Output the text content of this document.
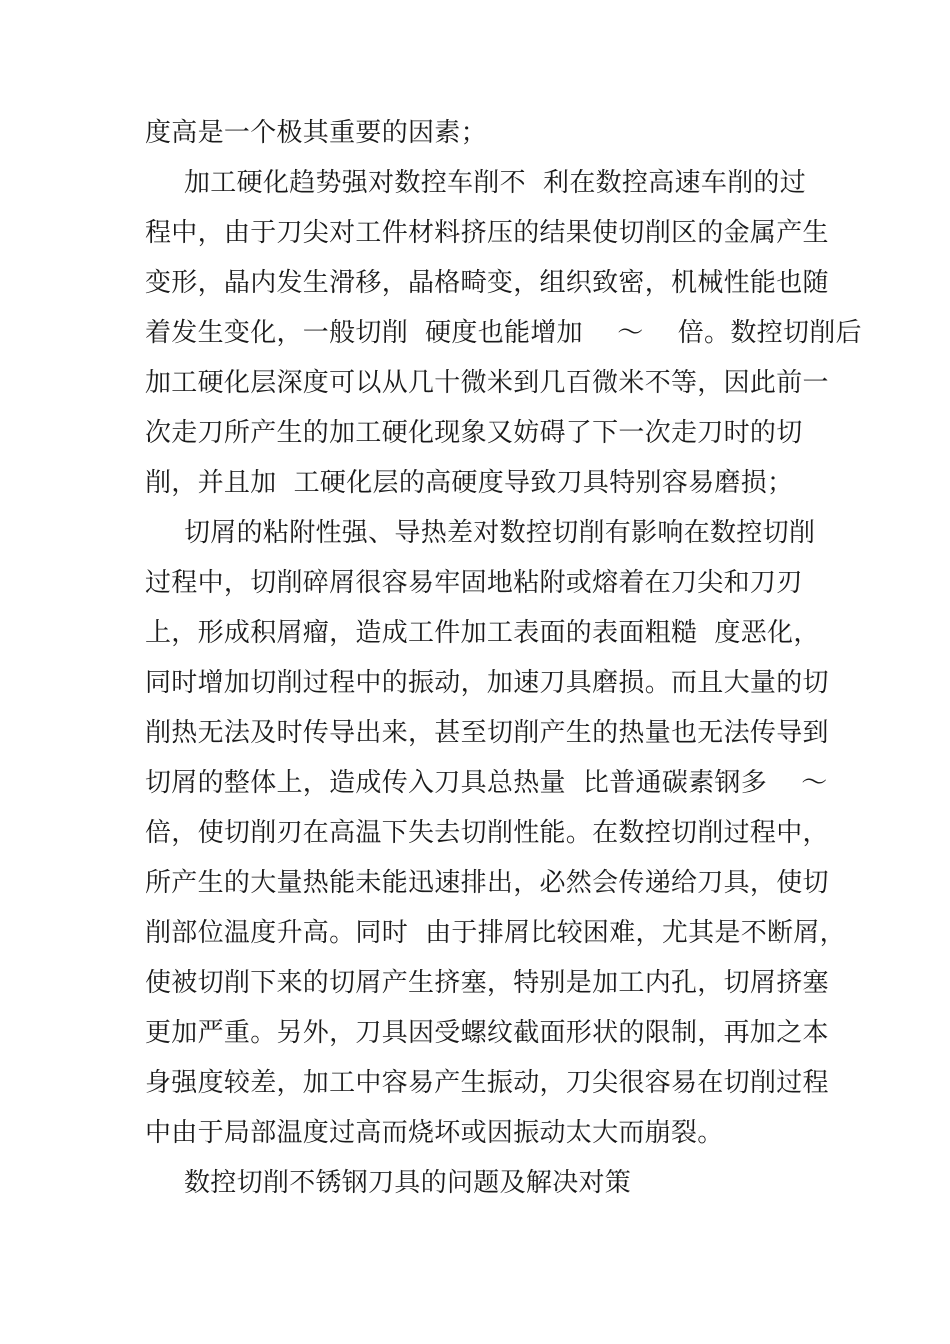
度高是一个极其重要的因素；
加工硬化趋势强对数控车削不  利在数控高速车削的过
程中，由于刀尖对工件材料挤压的结果使切削区的金属产生
变形，晶内发生滑移，晶格畸变，组织致密，机械性能也随
着发生变化，一般切削  硬度也能增加    ～    倍。数控切削后
加工硬化层深度可以从几十微米到几百微米不等，因此前一
次走刀所产生的加工硬化现象又妨碍了下一次走刀时的切
削，并且加  工硬化层的高硬度导致刀具特别容易磨损；
切屑的粘附性强、导热差对数控切削有影响在数控切削
过程中，切削碎屑很容易牢固地粘附或熔着在刀尖和刀刃
上，形成积屑瘤，造成工件加工表面的表面粗糙  度恶化，
同时增加切削过程中的振动，加速刀具磨损。而且大量的切
削热无法及时传导出来，甚至切削产生的热量也无法传导到
切屑的整体上，造成传入刀具总热量  比普通碳素钢多    ～
倍，使切削刃在高温下失去切削性能。在数控切削过程中，
所产生的大量热能未能迅速排出，必然会传递给刀具，使切
削部位温度升高。同时  由于排屑比较困难，尤其是不断屑，
使被切削下来的切屑产生挤塞，特别是加工内孔，切屑挤塞
更加严重。另外，刀具因受螺纹截面形状的限制，再加之本
身强度较差，加工中容易产生振动，刀尖很容易在切削过程
中由于局部温度过高而烧坏或因振动太大而崩裂。
数控切削不锈钢刀具的问题及解决对策
